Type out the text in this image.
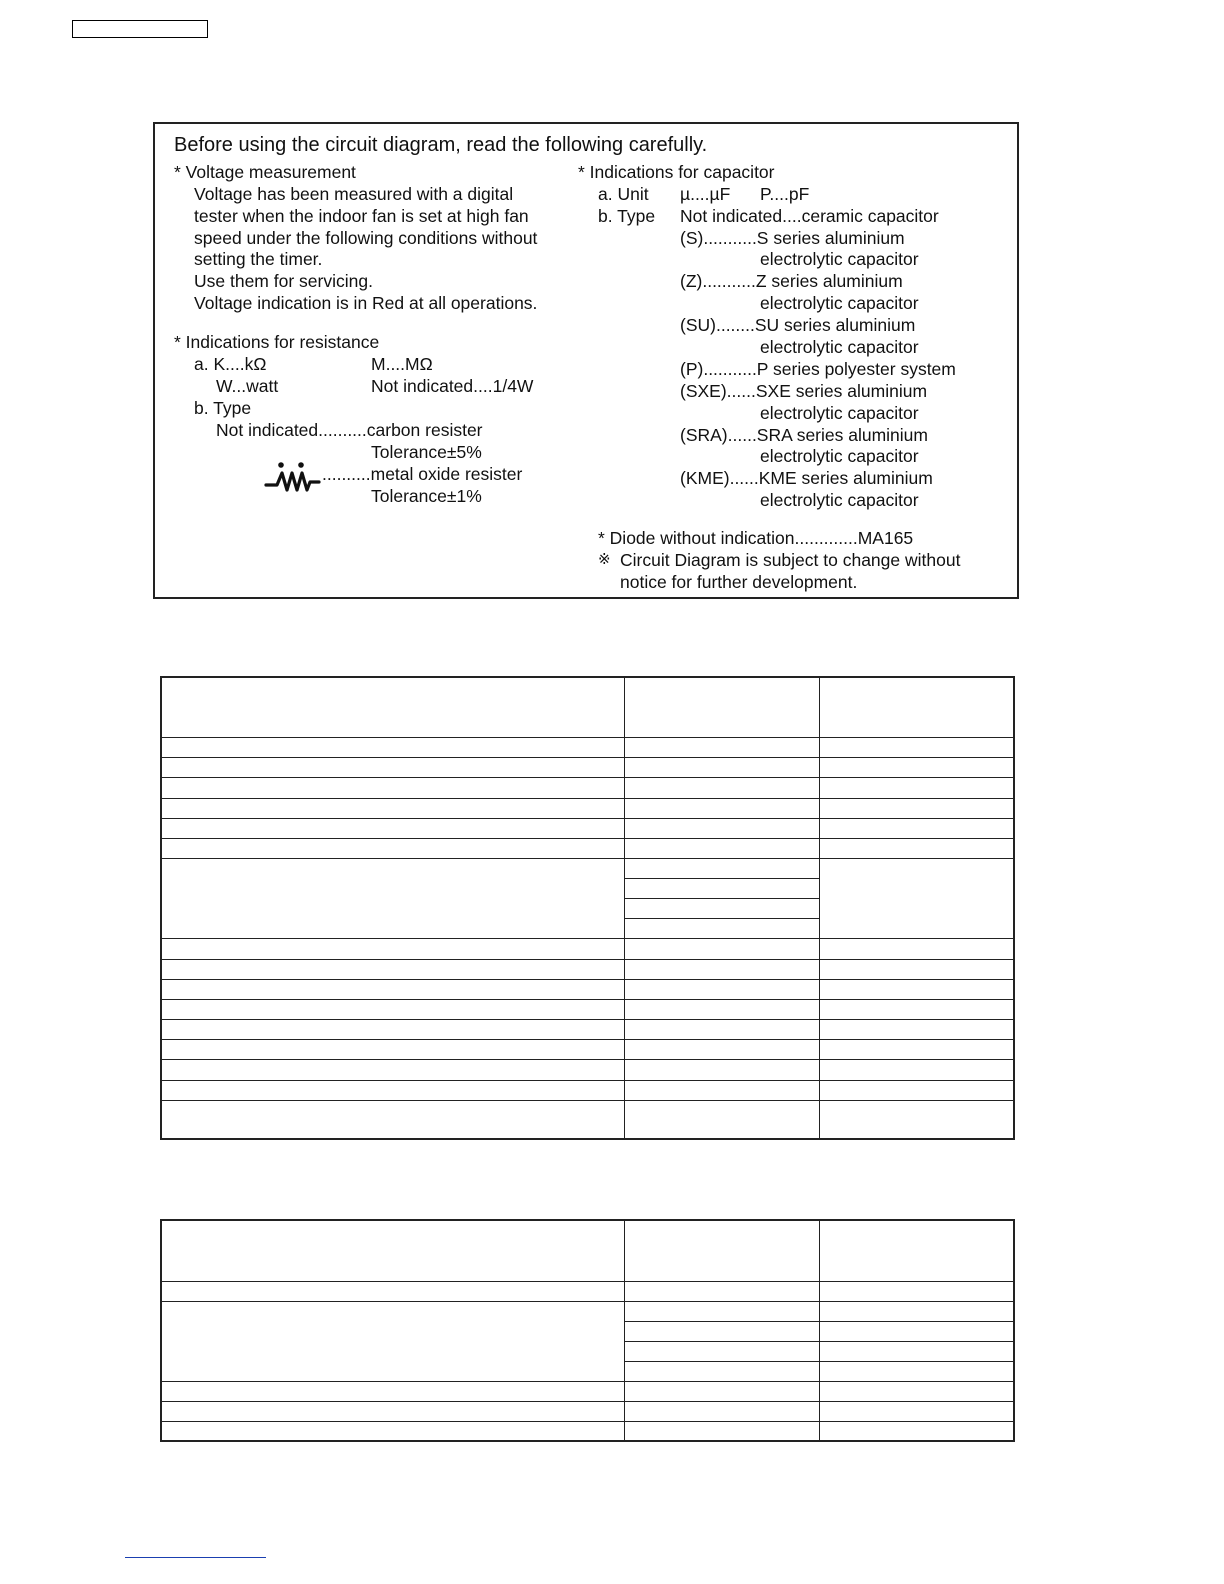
Before using the circuit diagram, read the following carefully.
* Voltage measurement
Voltage has been measured with a digital
tester when the indoor fan is set at high fan
speed under the following conditions without
setting the timer.
Use them for servicing.
Voltage indication is in Red at all operations.
* Indications for resistance
a. K....kΩ	M....MΩ
W...watt	Not indicated....1/4W
b. Type
Not indicated..........carbon resister
Tolerance±5%
..........metal oxide resister
Tolerance±1%
* Indications for capacitor
a. Unit µ....µF P....pF
b. Type Not indicated....ceramic capacitor
(S)...........S series aluminium
electrolytic capacitor
(Z)...........Z series aluminium
electrolytic capacitor
(SU)........SU series aluminium
electrolytic capacitor
(P)...........P series polyester system
(SXE)......SXE series aluminium
electrolytic capacitor
(SRA)......SRA series aluminium
electrolytic capacitor
(KME)......KME series aluminium
electrolytic capacitor
* Diode without indication.............MA165
※ Circuit Diagram is subject to change without
notice for further development.
